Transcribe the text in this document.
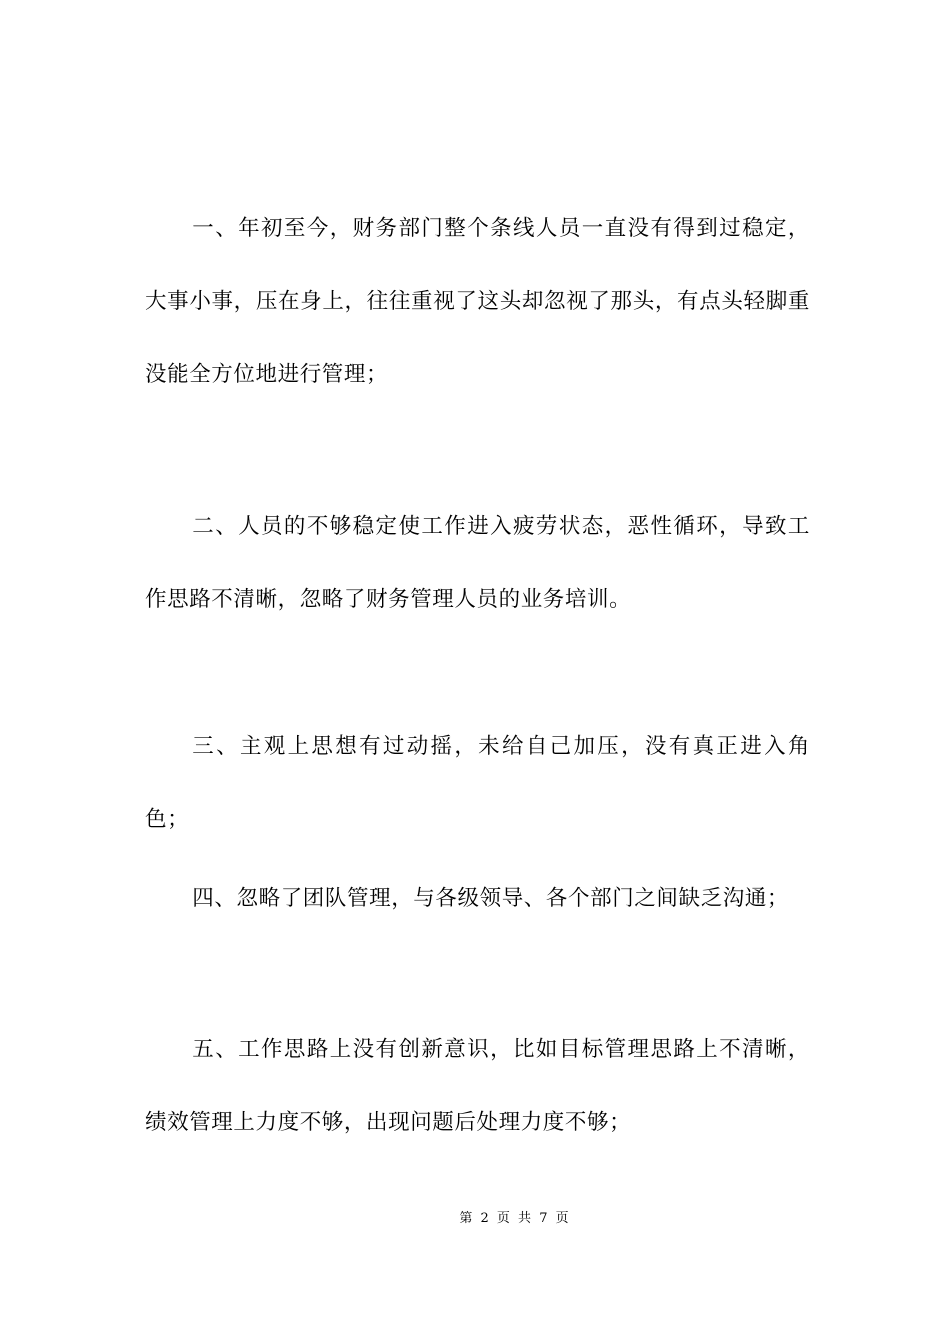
一、年初至今，财务部门整个条线人员一直没有得到过稳定，大事小事，压在身上，往往重视了这头却忽视了那头，有点头轻脚重没能全方位地进行管理；

二、人员的不够稳定使工作进入疲劳状态，恶性循环，导致工作思路不清晰，忽略了财务管理人员的业务培训。

三、主观上思想有过动摇，未给自己加压，没有真正进入角色；

四、忽略了团队管理，与各级领导、各个部门之间缺乏沟通；

五、工作思路上没有创新意识，比如目标管理思路上不清晰，绩效管理上力度不够，出现问题后处理力度不够；

第 2 页 共 7 页
